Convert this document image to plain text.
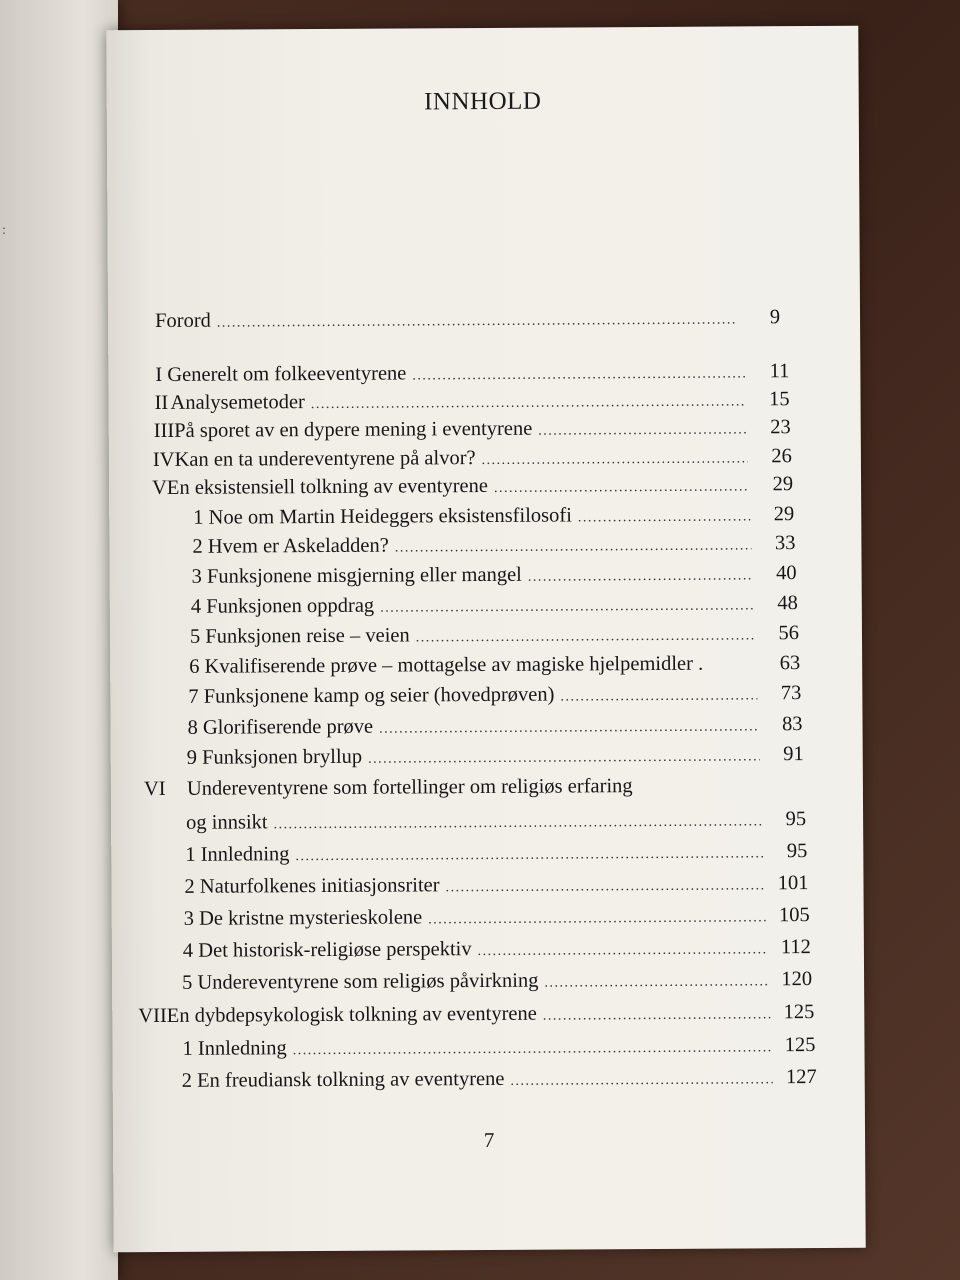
:
INNHOLD
Forord .....	9
I Generelt om folkeeventyrene .....	11
II Analysemetoder .....	15
III På sporet av en dypere mening i eventyrene .....	23
IV Kan en ta undereventyrene på alvor? .....	26
V En eksistensiell tolkning av eventyrene .....	29
1 Noe om Martin Heideggers eksistensfilosofi .....	29
2 Hvem er Askeladden? .....	33
3 Funksjonene misgjerning eller mangel .....	40
4 Funksjonen oppdrag .....	48
5 Funksjonen reise – veien .....	56
6 Kvalifiserende prøve – mottagelse av magiske hjelpemidler . .....	63
7 Funksjonene kamp og seier (hovedprøven) .....	73
8 Glorifiserende prøve .....	83
9 Funksjonen bryllup .....	91
VI	Undereventyrene som fortellinger om religiøs erfaring
og innsikt .....	95
1 Innledning .....	95
2 Naturfolkenes initiasjonsriter .....	101
3 De kristne mysterieskolene .....	105
4 Det historisk-religiøse perspektiv .....	112
5 Undereventyrene som religiøs påvirkning .....	120
VII En dybdepsykologisk tolkning av eventyrene .....	125
1 Innledning .....	125
2 En freudiansk tolkning av eventyrene .....	127
7
